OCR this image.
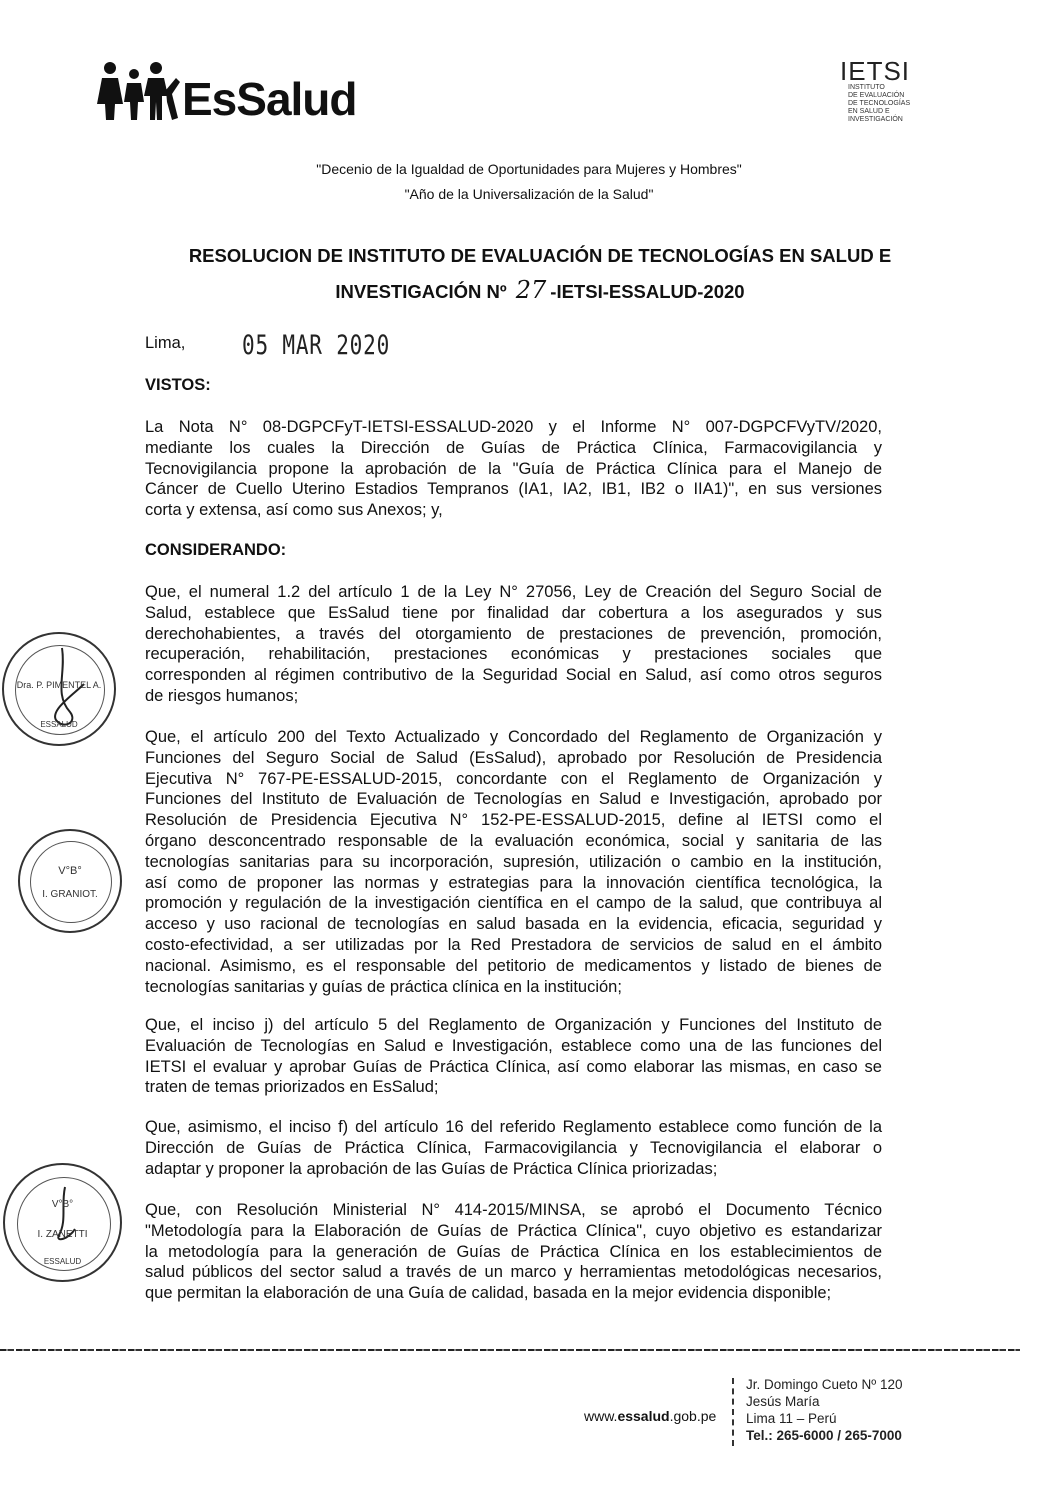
EsSalud
IETSI
INSTITUTO
DE EVALUACIÓN
DE TECNOLOGÍAS
EN SALUD E
INVESTIGACIÓN
"Decenio de la Igualdad de Oportunidades para Mujeres y Hombres"
"Año de la Universalización de la Salud"
RESOLUCION DE INSTITUTO DE EVALUACIÓN DE TECNOLOGÍAS EN SALUD E
INVESTIGACIÓN Nº 27 -IETSI-ESSALUD-2020
Lima, 05 MAR 2020
VISTOS:
La Nota N° 08-DGPCFyT-IETSI-ESSALUD-2020 y el Informe N° 007-DGPCFVyTV/2020,
mediante los cuales la Dirección de Guías de Práctica Clínica, Farmacovigilancia y
Tecnovigilancia propone la aprobación de la "Guía de Práctica Clínica para el Manejo de
Cáncer de Cuello Uterino Estadios Tempranos (IA1, IA2, IB1, IB2 o IIA1)", en sus versiones
corta y extensa, así como sus Anexos; y,
CONSIDERANDO:
Que, el numeral 1.2 del artículo 1 de la Ley N° 27056, Ley de Creación del Seguro Social de
Salud, establece que EsSalud tiene por finalidad dar cobertura a los asegurados y sus
derechohabientes, a través del otorgamiento de prestaciones de prevención, promoción,
recuperación, rehabilitación, prestaciones económicas y prestaciones sociales que
corresponden al régimen contributivo de la Seguridad Social en Salud, así como otros seguros
de riesgos humanos;
Que, el artículo 200 del Texto Actualizado y Concordado del Reglamento de Organización y
Funciones del Seguro Social de Salud (EsSalud), aprobado por Resolución de Presidencia
Ejecutiva N° 767-PE-ESSALUD-2015, concordante con el Reglamento de Organización y
Funciones del Instituto de Evaluación de Tecnologías en Salud e Investigación, aprobado por
Resolución de Presidencia Ejecutiva N° 152-PE-ESSALUD-2015, define al IETSI como el
órgano desconcentrado responsable de la evaluación económica, social y sanitaria de las
tecnologías sanitarias para su incorporación, supresión, utilización o cambio en la institución,
así como de proponer las normas y estrategias para la innovación científica tecnológica, la
promoción y regulación de la investigación científica en el campo de la salud, que contribuya al
acceso y uso racional de tecnologías en salud basada en la evidencia, eficacia, seguridad y
costo-efectividad, a ser utilizadas por la Red Prestadora de servicios de salud en el ámbito
nacional. Asimismo, es el responsable del petitorio de medicamentos y listado de bienes de
tecnologías sanitarias y guías de práctica clínica en la institución;
Que, el inciso j) del artículo 5 del Reglamento de Organización y Funciones del Instituto de
Evaluación de Tecnologías en Salud e Investigación, establece como una de las funciones del
IETSI el evaluar y aprobar Guías de Práctica Clínica, así como elaborar las mismas, en caso se
traten de temas priorizados en EsSalud;
Que, asimismo, el inciso f) del artículo 16 del referido Reglamento establece como función de la
Dirección de Guías de Práctica Clínica, Farmacovigilancia y Tecnovigilancia el elaborar o
adaptar y proponer la aprobación de las Guías de Práctica Clínica priorizadas;
Que, con Resolución Ministerial N° 414-2015/MINSA, se aprobó el Documento Técnico
"Metodología para la Elaboración de Guías de Práctica Clínica", cuyo objetivo es estandarizar
la metodología para la generación de Guías de Práctica Clínica en los establecimientos de
salud públicos del sector salud a través de un marco y herramientas metodológicas necesarios,
que permitan la elaboración de una Guía de calidad, basada en la mejor evidencia disponible;
Dra. P. PIMENTEL A.
ESSALUD
V°B°
I. GRANIOT.
V°B°
I. ZANETTI
ESSALUD
www.essalud.gob.pe
Jr. Domingo Cueto Nº 120
Jesús María
Lima 11 – Perú
Tel.: 265-6000 / 265-7000
